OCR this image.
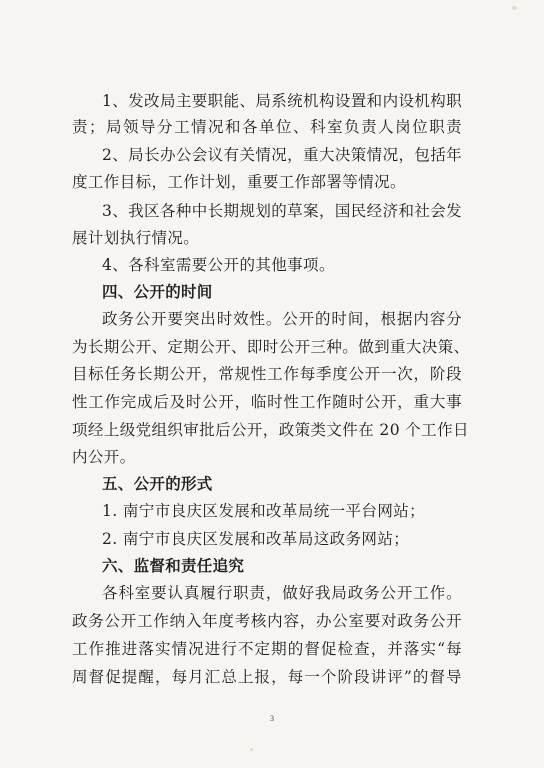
1、发改局主要职能、局系统机构设置和内设机构职
责；局领导分工情况和各单位、科室负责人岗位职责
2、局长办公会议有关情况，重大决策情况，包括年
度工作目标，工作计划，重要工作部署等情况。
3、我区各种中长期规划的草案，国民经济和社会发
展计划执行情况。
4、各科室需要公开的其他事项。
四、公开的时间
政务公开要突出时效性。公开的时间，根据内容分
为长期公开、定期公开、即时公开三种。做到重大决策、
目标任务长期公开，常规性工作每季度公开一次，阶段
性工作完成后及时公开，临时性工作随时公开，重大事
项经上级党组织审批后公开，政策类文件在 20 个工作日
内公开。
五、公开的形式
1. 南宁市良庆区发展和改革局统一平台网站；
2. 南宁市良庆区发展和改革局这政务网站；
六、监督和责任追究
各科室要认真履行职责，做好我局政务公开工作。
政务公开工作纳入年度考核内容，办公室要对政务公开
工作推进落实情况进行不定期的督促检查，并落实“每
周督促提醒，每月汇总上报，每一个阶段讲评”的督导
3
